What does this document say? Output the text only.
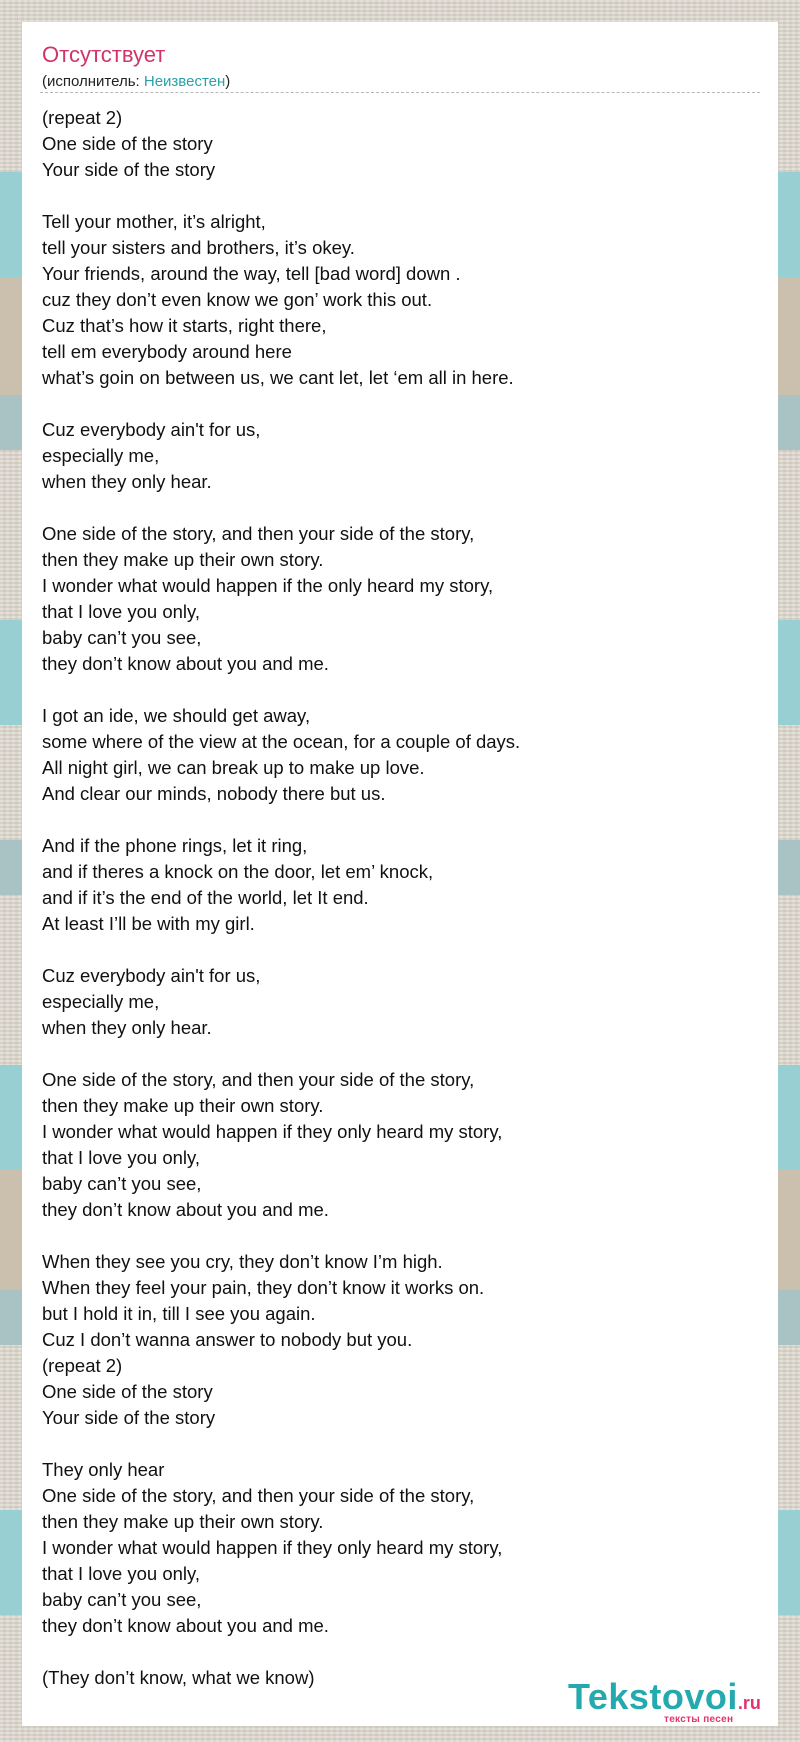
Отсутствует
(исполнитель: Неизвестен)
(repeat 2)
One side of the story
Your side of the story
Tell your mother, it’s alright,
tell your sisters and brothers, it’s okey.
Your friends, around the way, tell [bad word] down .
cuz they don’t even know we gon’ work this out.
Cuz that’s how it starts, right there,
tell em everybody around here
what’s goin on between us, we cant let, let ‘em all in here.
Cuz everybody ain't for us,
especially me,
when they only hear.
One side of the story, and then your side of the story,
then they make up their own story.
I wonder what would happen if the only heard my story,
that I love you only,
baby can’t you see,
they don’t know about you and me.
I got an ide, we should get away,
some where of the view at the ocean, for a couple of days.
All night girl, we can break up to make up love.
And clear our minds, nobody there but us.
And if the phone rings, let it ring,
and if theres a knock on the door, let em’ knock,
and if it’s the end of the world, let It end.
At least I’ll be with my girl.
Cuz everybody ain't for us,
especially me,
when they only hear.
One side of the story, and then your side of the story,
then they make up their own story.
I wonder what would happen if they only heard my story,
that I love you only,
baby can’t you see,
they don’t know about you and me.
When they see you cry, they don’t know I’m high.
When they feel your pain, they don’t know it works on.
but I hold it in, till I see you again.
Cuz I don’t wanna answer to nobody but you.
(repeat 2)
One side of the story
Your side of the story
They only hear
One side of the story, and then your side of the story,
then they make up their own story.
I wonder what would happen if they only heard my story,
that I love you only,
baby can’t you see,
they don’t know about you and me.
(They don’t know, what we know)	Tekstovoi.ru
тексты песен
